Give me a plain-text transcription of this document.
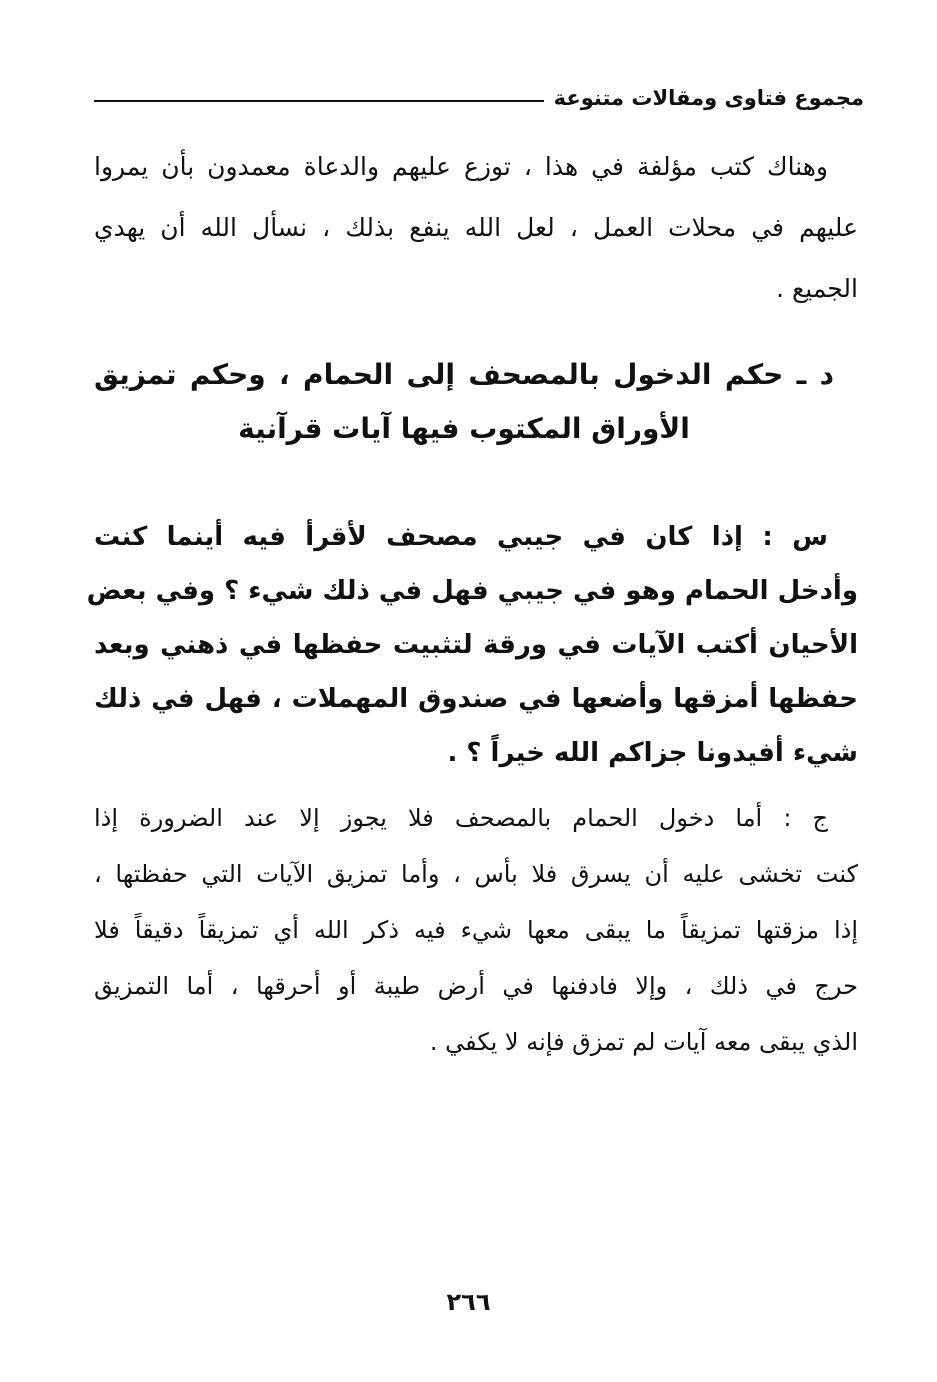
مجموع فتاوى ومقالات متنوعة
وهناك كتب مؤلفة في هذا ، توزع عليهم والدعاة معمدون بأن يمروا
عليهم في محلات العمل ، لعل الله ينفع بذلك ، نسأل الله أن يهدي
الجميع .
د ـ حكم الدخول بالمصحف إلى الحمام ، وحكم تمزيق
الأوراق المكتوب فيها آيات قرآنية
س : إذا كان في جيبي مصحف لأقرأ فيه أينما كنت
وأدخل الحمام وهو في جيبي فهل في ذلك شيء ؟ وفي بعض
الأحيان أكتب الآيات في ورقة لتثبيت حفظها في ذهني وبعد
حفظها أمزقها وأضعها في صندوق المهملات ، فهل في ذلك
شيء أفيدونا جزاكم الله خيراً ؟ .
ج : أما دخول الحمام بالمصحف فلا يجوز إلا عند الضرورة إذا
كنت تخشى عليه أن يسرق فلا بأس ، وأما تمزيق الآيات التي حفظتها ،
إذا مزقتها تمزيقاً ما يبقى معها شيء فيه ذكر الله أي تمزيقاً دقيقاً فلا
حرج في ذلك ، وإلا فادفنها في أرض طيبة أو أحرقها ، أما التمزيق
الذي يبقى معه آيات لم تمزق فإنه لا يكفي .
٢٦٦
